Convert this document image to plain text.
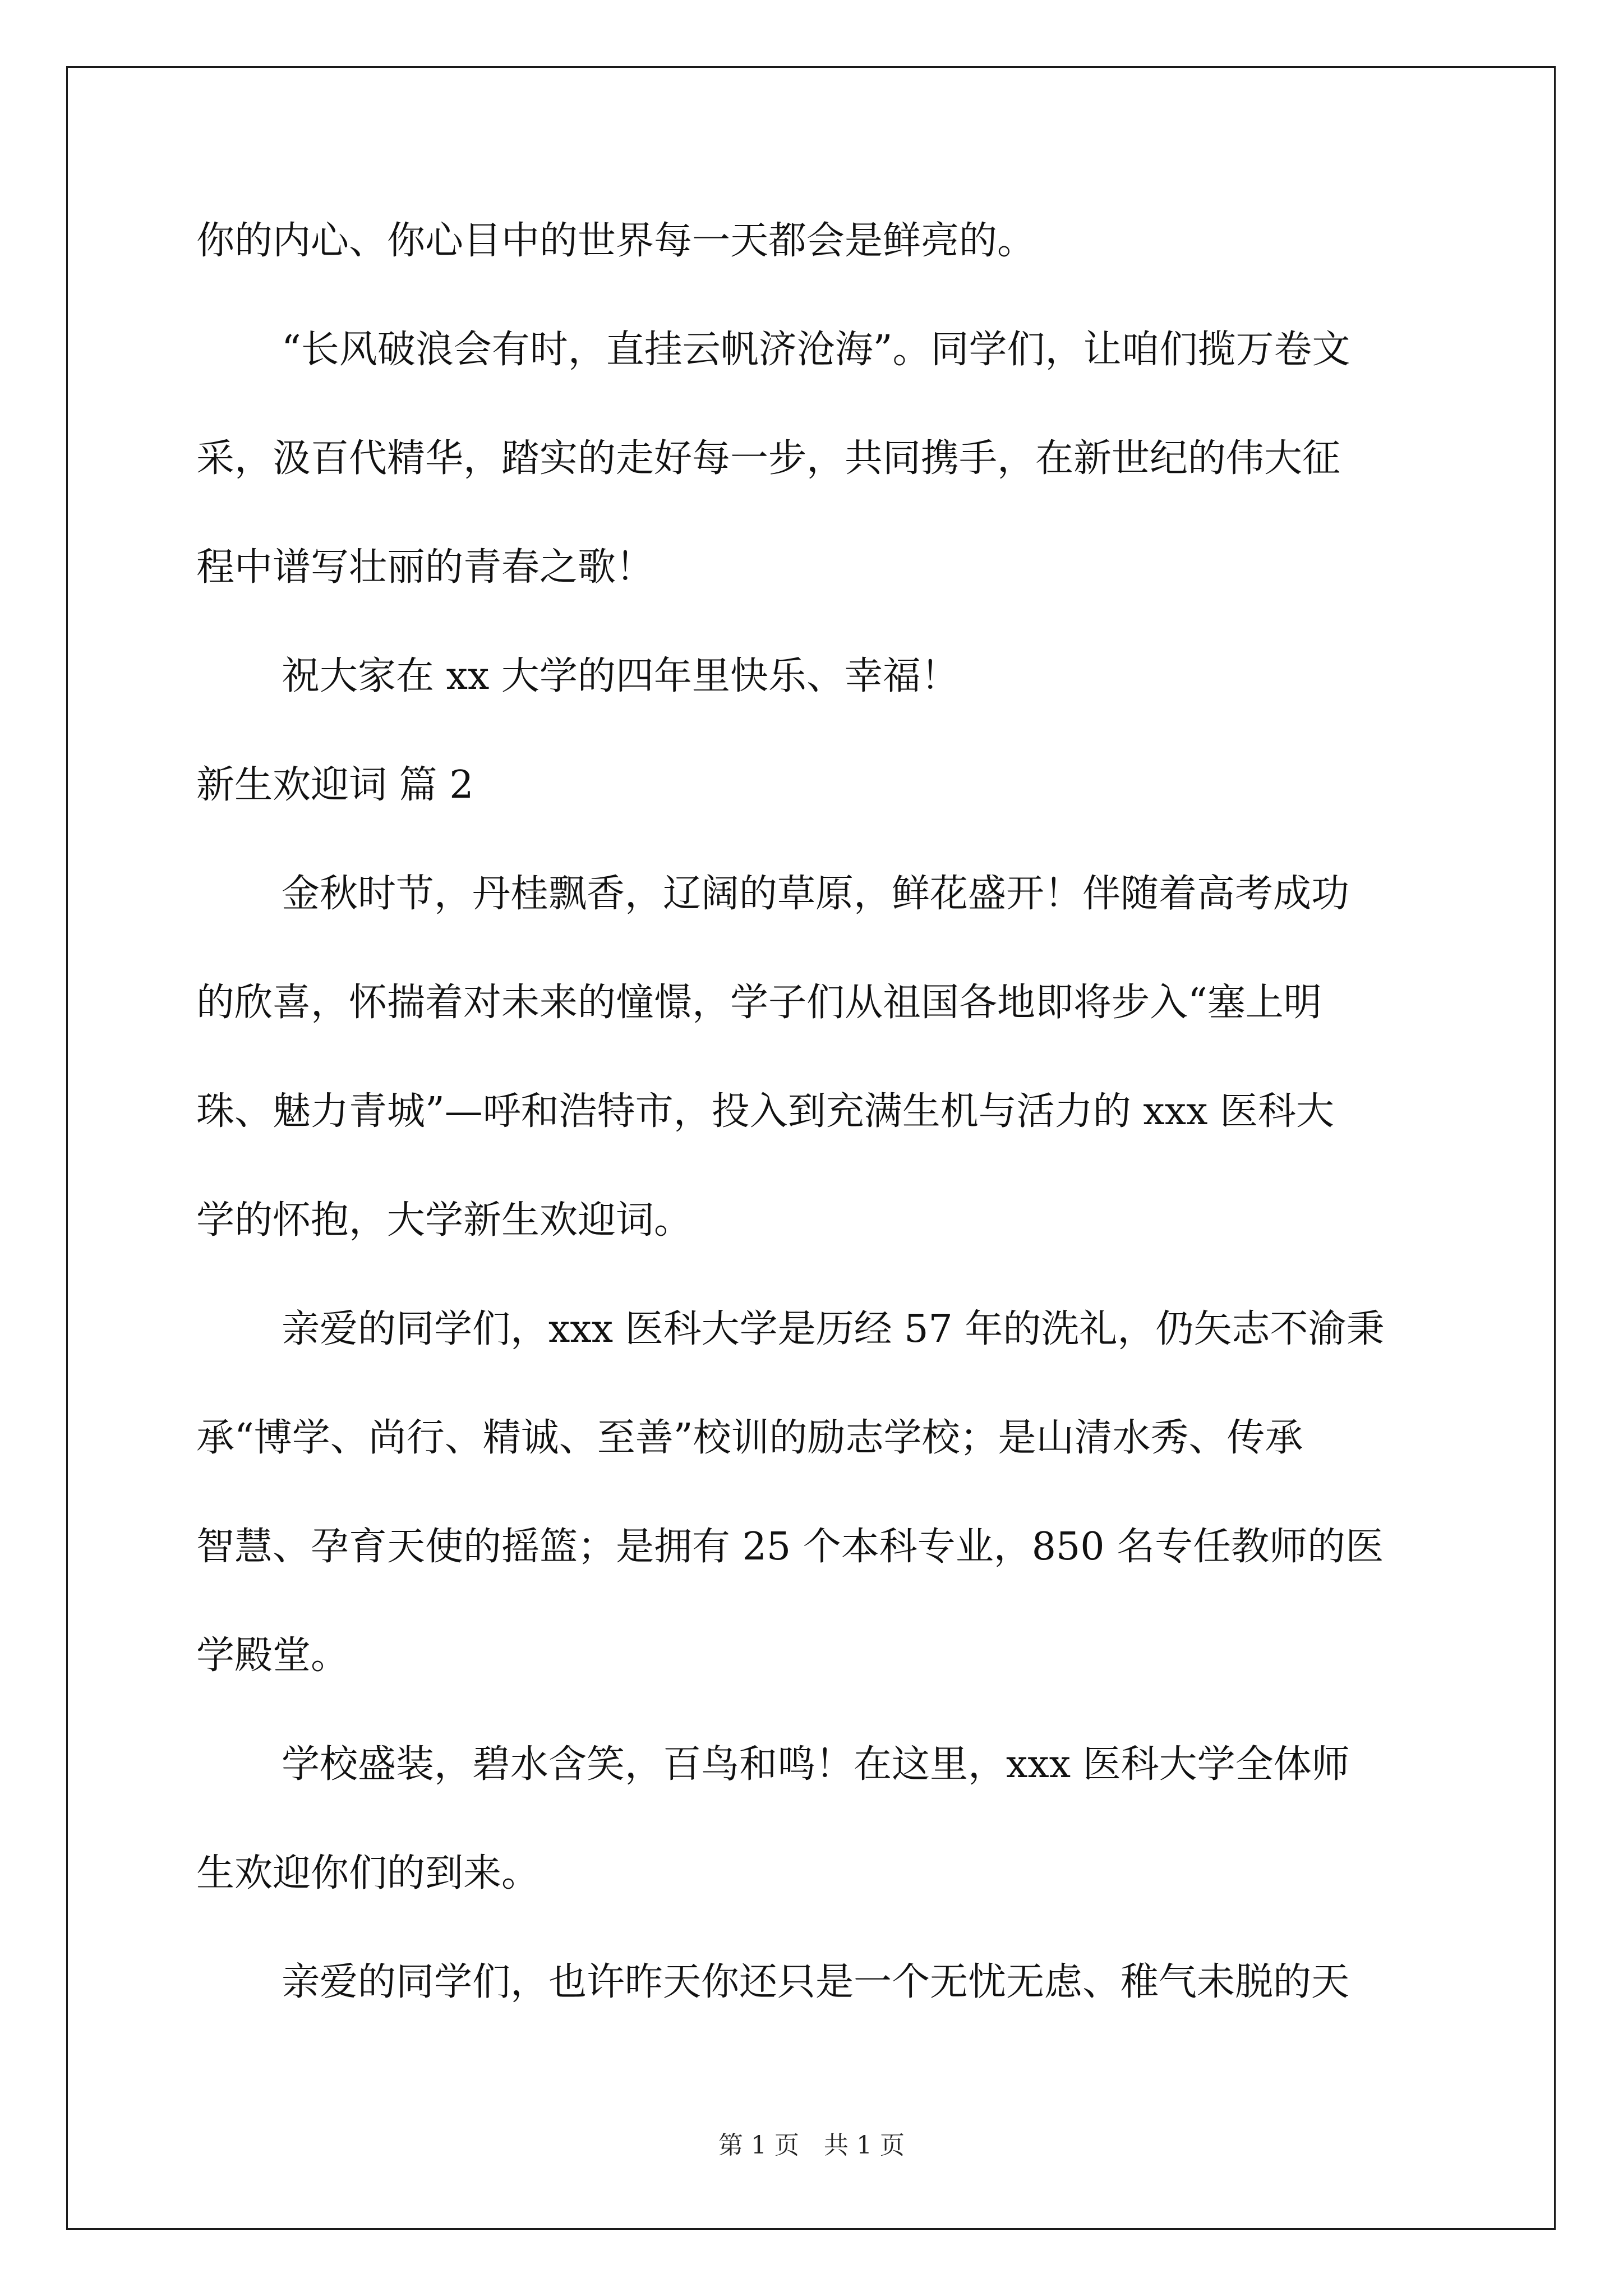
你的内心、你心目中的世界每一天都会是鲜亮的。
“长风破浪会有时，直挂云帆济沧海”。同学们，让咱们揽万卷文
采，汲百代精华，踏实的走好每一步，共同携手，在新世纪的伟大征
程中谱写壮丽的青春之歌！
祝大家在 xx 大学的四年里快乐、幸福！
新生欢迎词 篇 2
金秋时节，丹桂飘香，辽阔的草原，鲜花盛开！伴随着高考成功
的欣喜，怀揣着对未来的憧憬，学子们从祖国各地即将步入“塞上明
珠、魅力青城”—呼和浩特市，投入到充满生机与活力的 xxx 医科大
学的怀抱，大学新生欢迎词。
亲爱的同学们，xxx 医科大学是历经 57 年的洗礼，仍矢志不渝秉
承“博学、尚行、精诚、至善”校训的励志学校；是山清水秀、传承
智慧、孕育天使的摇篮；是拥有 25 个本科专业，850 名专任教师的医
学殿堂。
学校盛装，碧水含笑，百鸟和鸣！在这里，xxx 医科大学全体师
生欢迎你们的到来。
亲爱的同学们，也许昨天你还只是一个无忧无虑、稚气未脱的天
第 1 页　共 1 页
